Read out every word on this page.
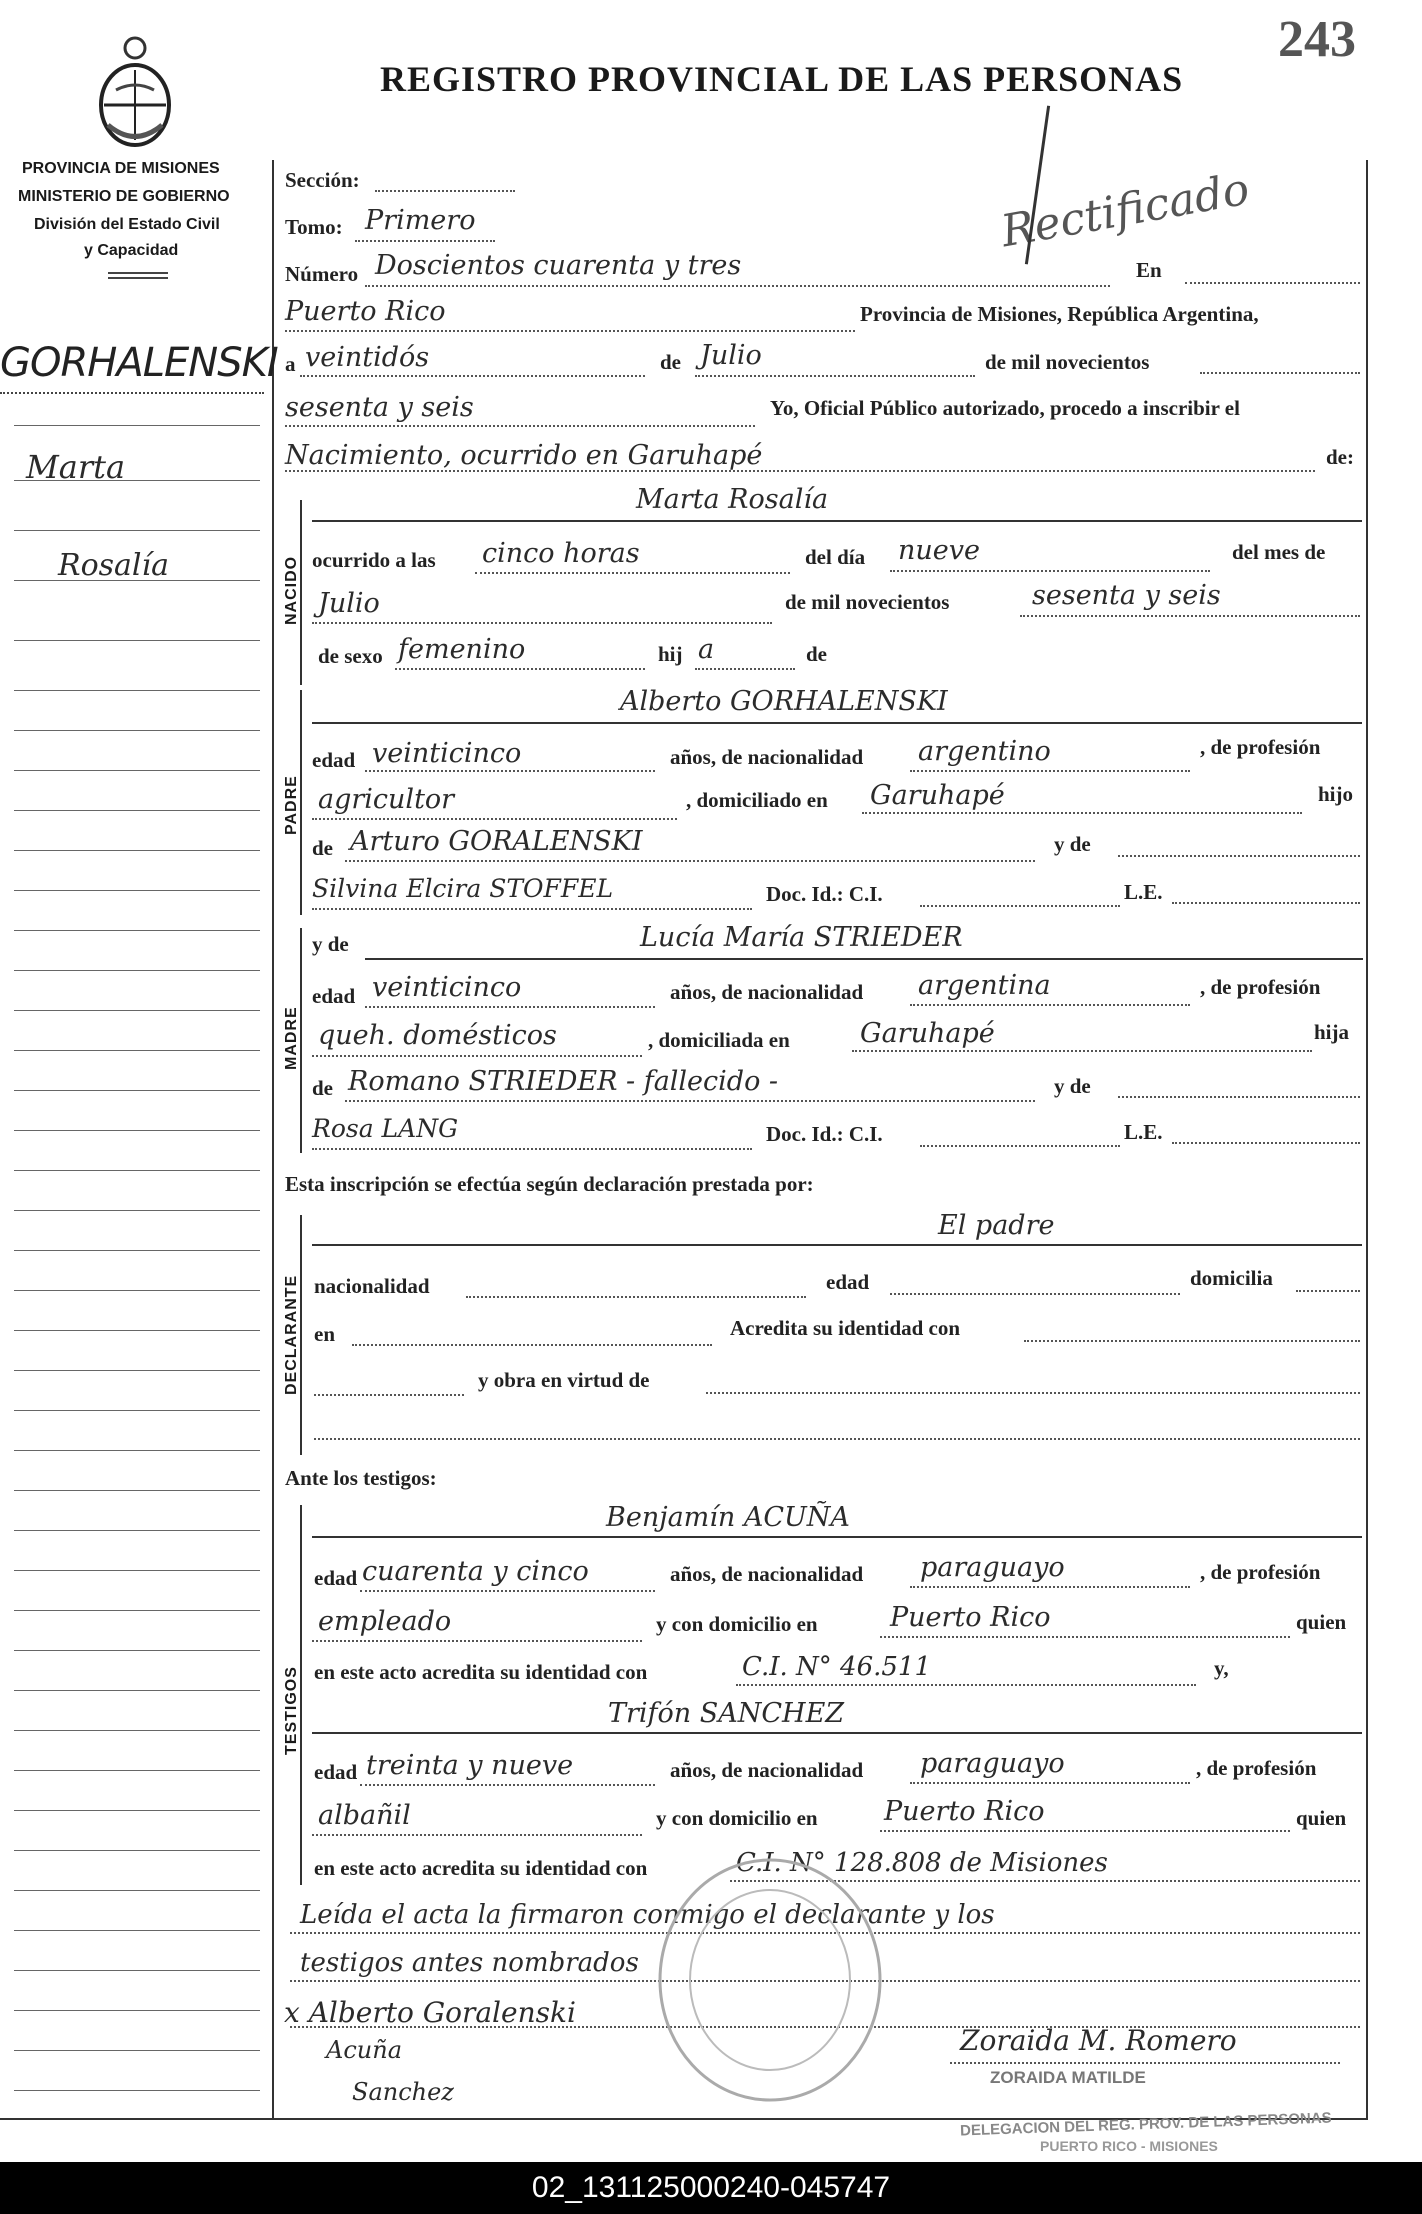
243
REGISTRO PROVINCIAL DE LAS PERSONAS
PROVINCIA DE MISIONES
MINISTERIO DE GOBIERNO
División del Estado Civil
y Capacidad	Rectificado
GORHALENSKI
Marta
Rosalía
Sección:
Tomo: Primero
Número Doscientos cuarenta y tres	En
Puerto Rico	Provincia de Misiones, República Argentina,
a veintidós	de Julio	de mil novecientos
sesenta y seis	Yo, Oficial Público autorizado, procedo a inscribir el
Nacimiento, ocurrido en Garuhapé	de:
NACIDO
Marta Rosalía
ocurrido a las cinco horas	del día nueve	del mes de
Julio	de mil novecientos	sesenta y seis
de sexo femenino	hij a	de
PADRE
Alberto GORHALENSKI
edad veinticinco	años, de nacionalidad argentino	, de profesión
agricultor	, domiciliado en Garuhapé	hijo
de Arturo GORALENSKI	y de
Silvina Elcira STOFFEL	Doc. Id.: C.I.	L.E.
MADRE
y de	Lucía María STRIEDER
edad veinticinco	años, de nacionalidad argentina	, de profesión
queh. domésticos	, domiciliada en	Garuhapé	hija
de Romano STRIEDER - fallecido -	y de
Rosa LANG	Doc. Id.: C.I.	L.E.
Esta inscripción se efectúa según declaración prestada por:
DECLARANTE
El padre
nacionalidad	edad	domicilia
en	Acredita su identidad con
y obra en virtud de
Ante los testigos:
TESTIGOS
Benjamín ACUÑA
edad cuarenta y cinco	años, de nacionalidad paraguayo	, de profesión
empleado	y con domicilio en	Puerto Rico	quien
en este acto acredita su identidad con	C.I. N° 46.511	y,
Trifón SANCHEZ
edad treinta y nueve	años, de nacionalidad paraguayo	, de profesión
albañil	y con domicilio en Puerto Rico	quien
en este acto acredita su identidad con	C.I. N° 128.808 de Misiones
Leída el acta la firmaron conmigo el declarante y los
testigos antes nombrados
x Alberto Goralenski
Acuña
Sanchez
Zoraida M. Romero
ZORAIDA MATILDE
DELEGACION DEL REG. PROV. DE LAS PERSONAS
PUERTO RICO - MISIONES
02_131125000240-045747
